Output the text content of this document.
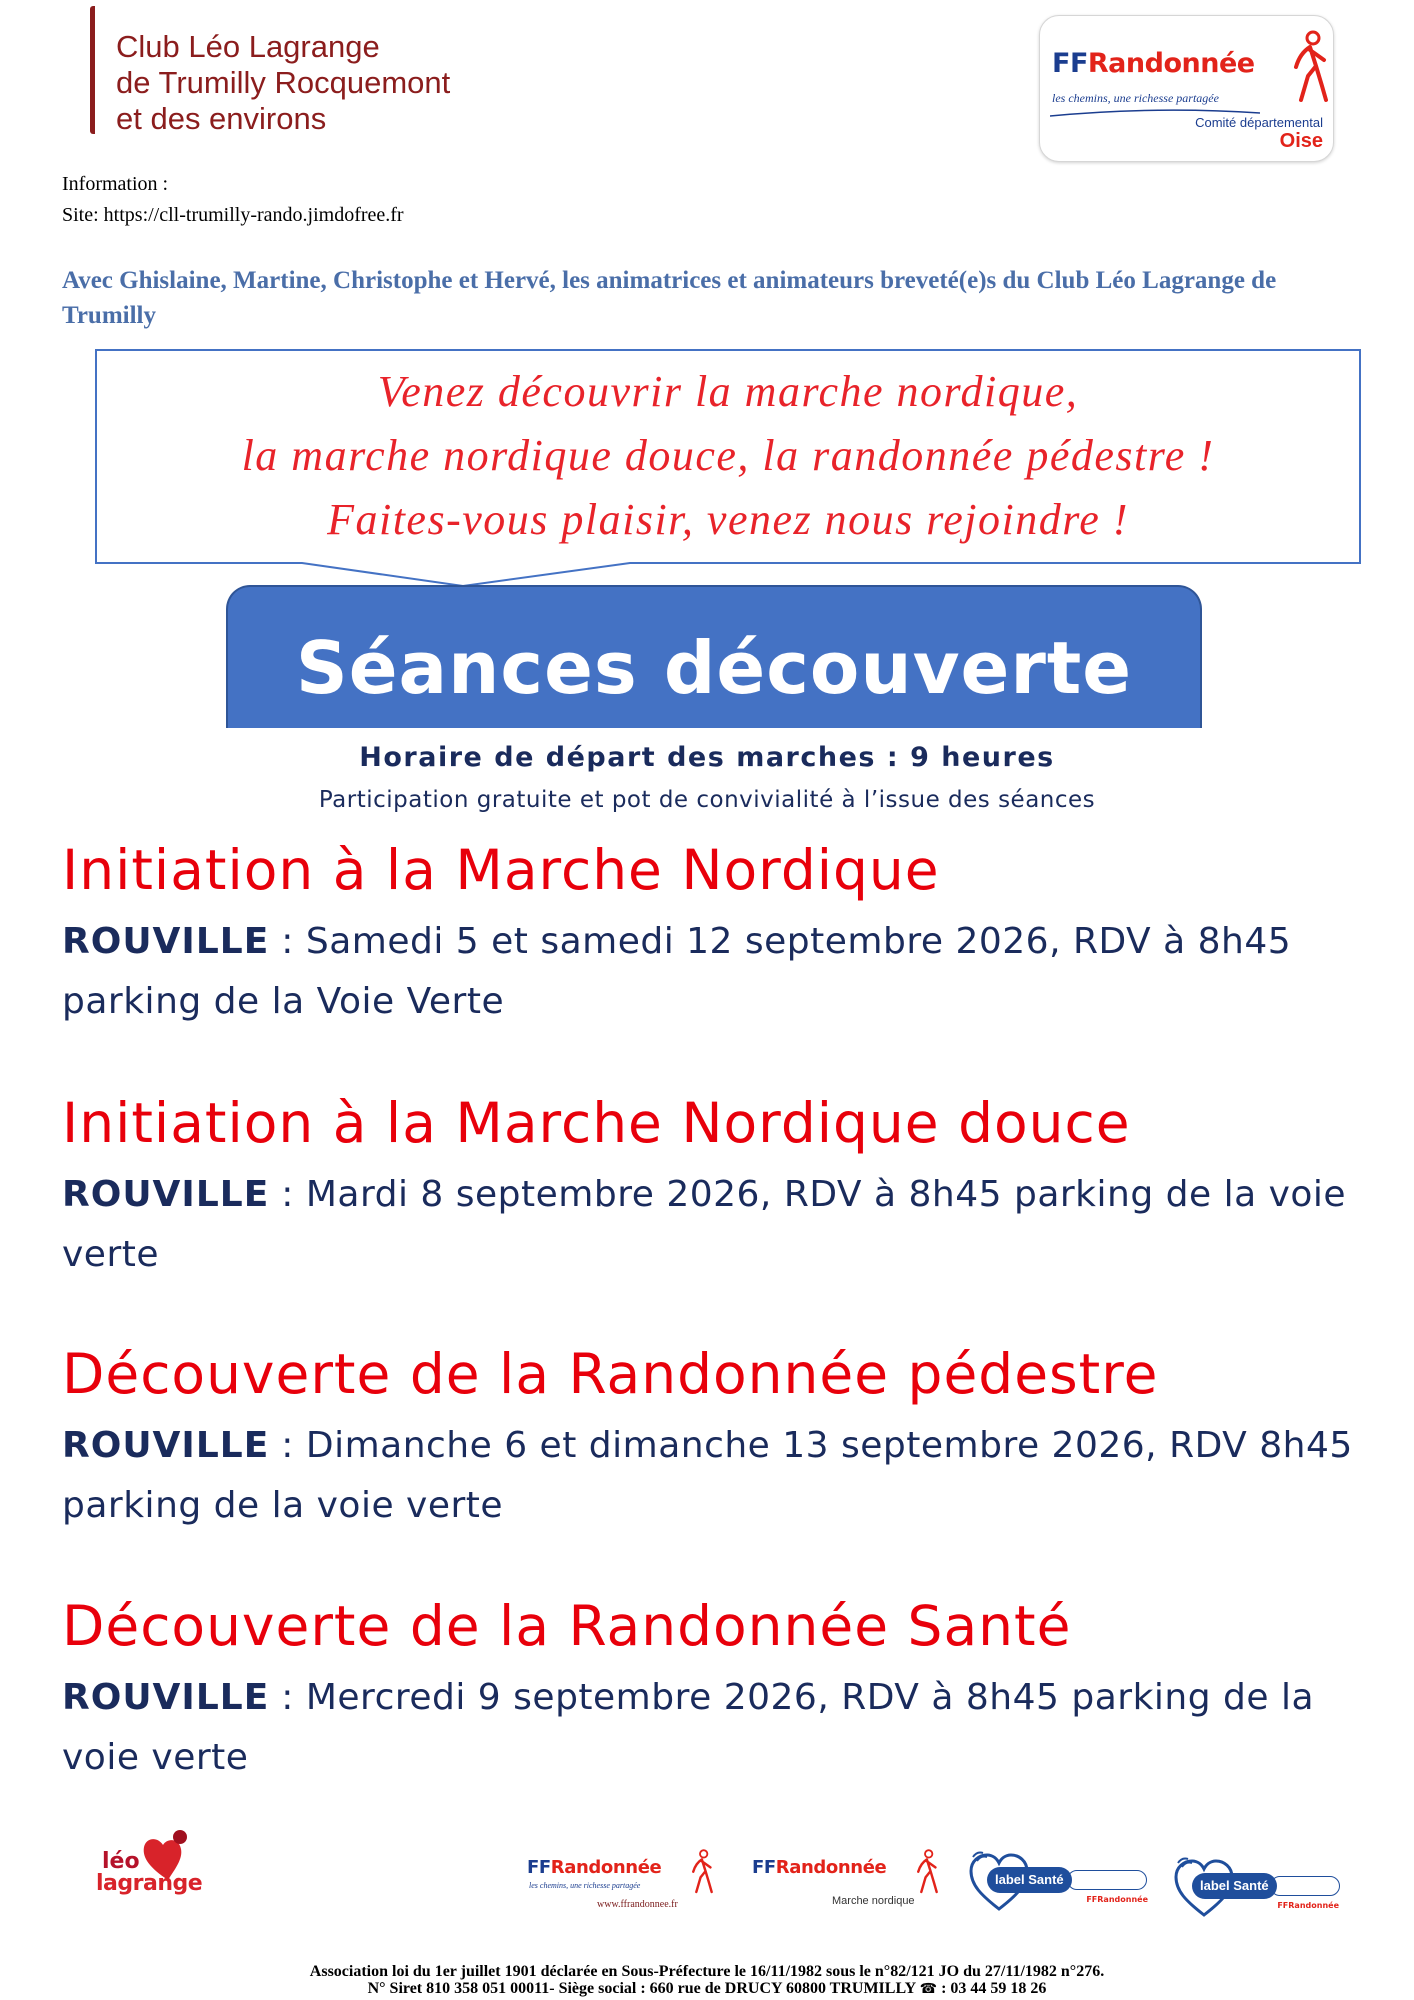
Club Léo Lagrange
de Trumilly Rocquemont
et des environs
FFRandonnée
les chemins, une richesse partagée
Comité départemental
Oise
Information :
Site: https://cll-trumilly-rando.jimdofree.fr
Avec Ghislaine, Martine, Christophe et Hervé, les animatrices et animateurs breveté(e)s du Club Léo Lagrange de Trumilly
Venez découvrir la marche nordique,
la marche nordique douce, la randonnée pédestre !
Faites-vous plaisir, venez nous rejoindre !
Séances découverte
Horaire de départ des marches : 9 heures
Participation gratuite et pot de convivialité à l’issue des séances
Initiation à la Marche Nordique

ROUVILLE : Samedi 5 et samedi 12 septembre 2026, RDV à 8h45 parking de la Voie Verte

Initiation à la Marche Nordique douce

ROUVILLE : Mardi 8 septembre 2026, RDV à 8h45 parking de la voie verte

Découverte de la Randonnée pédestre

ROUVILLE : Dimanche 6 et dimanche 13 septembre 2026, RDV 8h45 parking de la voie verte

Découverte de la Randonnée Santé

ROUVILLE : Mercredi 9 septembre 2026, RDV à 8h45 parking de la voie verte

léo
lagrange
FFRandonnée
les chemins, une richesse partagée
www.ffrandonnee.fr
FFRandonnée
Marche nordique
label Santé
FFRandonnée
label Santé
FFRandonnée
Association loi du 1er juillet 1901 déclarée en Sous-Préfecture le 16/11/1982 sous le n°82/121 JO du 27/11/1982 n°276.
N° Siret 810 358 051 00011- Siège social : 660 rue de DRUCY 60800 TRUMILLY ☎ : 03 44 59 18 26
